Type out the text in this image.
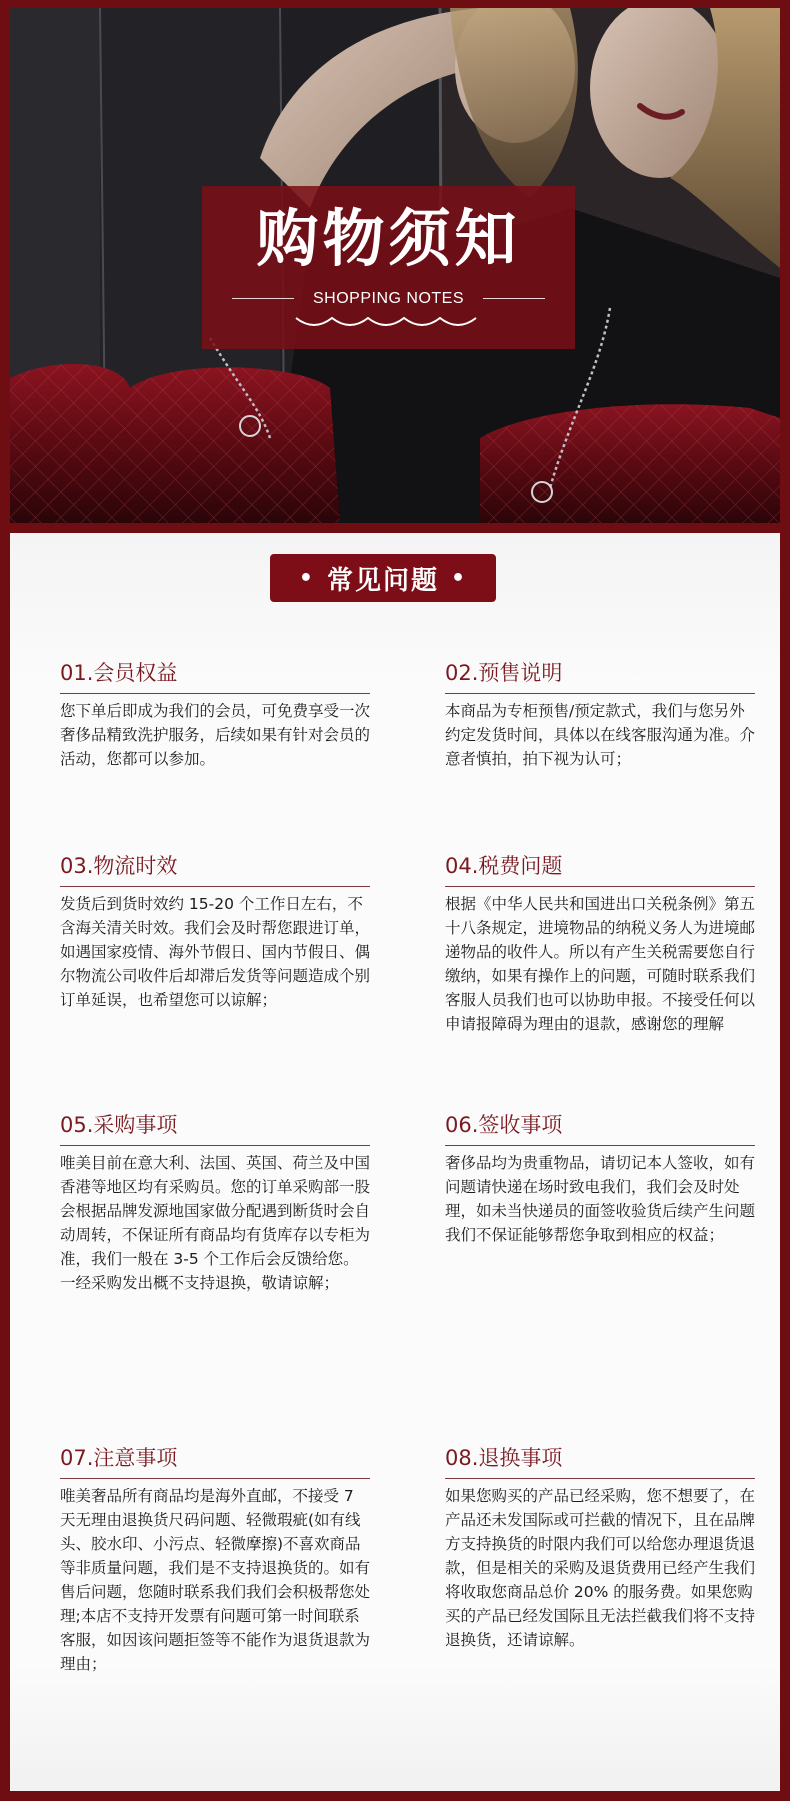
购物须知
SHOPPING NOTES
• 常见问题 •
01.会员权益
您下单后即成为我们的会员，可免费享受一次奢侈品精致洗护服务，后续如果有针对会员的活动，您都可以参加。
02.预售说明
本商品为专柜预售/预定款式，我们与您另外约定发货时间，具体以在线客服沟通为准。介意者慎拍，拍下视为认可；
03.物流时效
发货后到货时效约 15-20 个工作日左右，不含海关清关时效。我们会及时帮您跟进订单，如遇国家疫情、海外节假日、国内节假日、偶尔物流公司收件后却滞后发货等问题造成个别订单延误，也希望您可以谅解；
04.税费问题
根据《中华人民共和国进出口关税条例》第五十八条规定，进境物品的纳税义务人为进境邮递物品的收件人。所以有产生关税需要您自行缴纳，如果有操作上的问题，可随时联系我们客服人员我们也可以协助申报。不接受任何以申请报障碍为理由的退款，感谢您的理解
05.采购事项
唯美目前在意大利、法国、英国、荷兰及中国香港等地区均有采购员。您的订单采购部一股会根据品牌发源地国家做分配遇到断货时会自动周转，不保证所有商品均有货库存以专柜为准，我们一般在 3-5 个工作后会反馈给您。一经采购发出概不支持退换，敬请谅解；
06.签收事项
奢侈品均为贵重物品，请切记本人签收，如有问题请快递在场时致电我们，我们会及时处理，如未当快递员的面签收验货后续产生问题我们不保证能够帮您争取到相应的权益；
07.注意事项
唯美奢品所有商品均是海外直邮，不接受 7 天无理由退换货尺码问题、轻微瑕疵(如有线头、胶水印、小污点、轻微摩擦)不喜欢商品等非质量问题，我们是不支持退换货的。如有售后问题，您随时联系我们我们会积极帮您处理;本店不支持开发票有问题可第一时间联系客服，如因该问题拒签等不能作为退货退款为理由；
08.退换事项
如果您购买的产品已经采购，您不想要了，在产品还未发国际或可拦截的情况下，且在品牌方支持换货的时限内我们可以给您办理退货退款，但是相关的采购及退货费用已经产生我们将收取您商品总价 20% 的服务费。如果您购买的产品已经发国际且无法拦截我们将不支持退换货，还请谅解。
